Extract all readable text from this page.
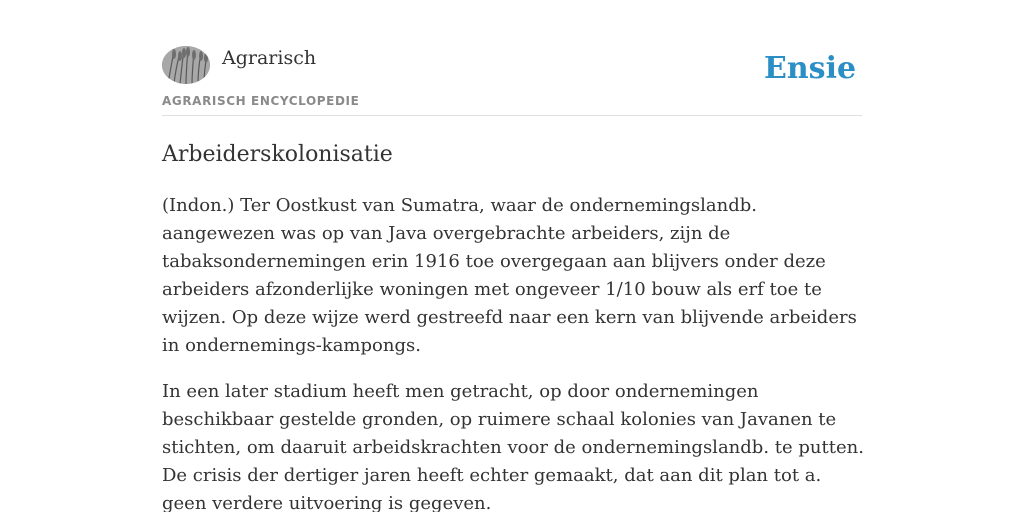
Agrarisch
AGRARISCH ENCYCLOPEDIE
Ensie
Arbeiderskolonisatie

(Indon.) Ter Oostkust van Sumatra, waar de ondernemingslandb. aangewezen was op van Java overgebrachte arbeiders, zijn de tabaksondernemingen erin 1916 toe overgegaan aan blijvers onder deze arbeiders afzonderlijke woningen met ongeveer 1/10 bouw als erf toe te wijzen. Op deze wijze werd gestreefd naar een kern van blijvende arbeiders in ondernemings-kampongs.

In een later stadium heeft men getracht, op door ondernemingen beschikbaar gestelde gronden, op ruimere schaal kolonies van Javanen te stichten, om daaruit arbeidskrachten voor de ondernemingslandb. te putten. De crisis der dertiger jaren heeft echter gemaakt, dat aan dit plan tot a. geen verdere uitvoering is gegeven.
